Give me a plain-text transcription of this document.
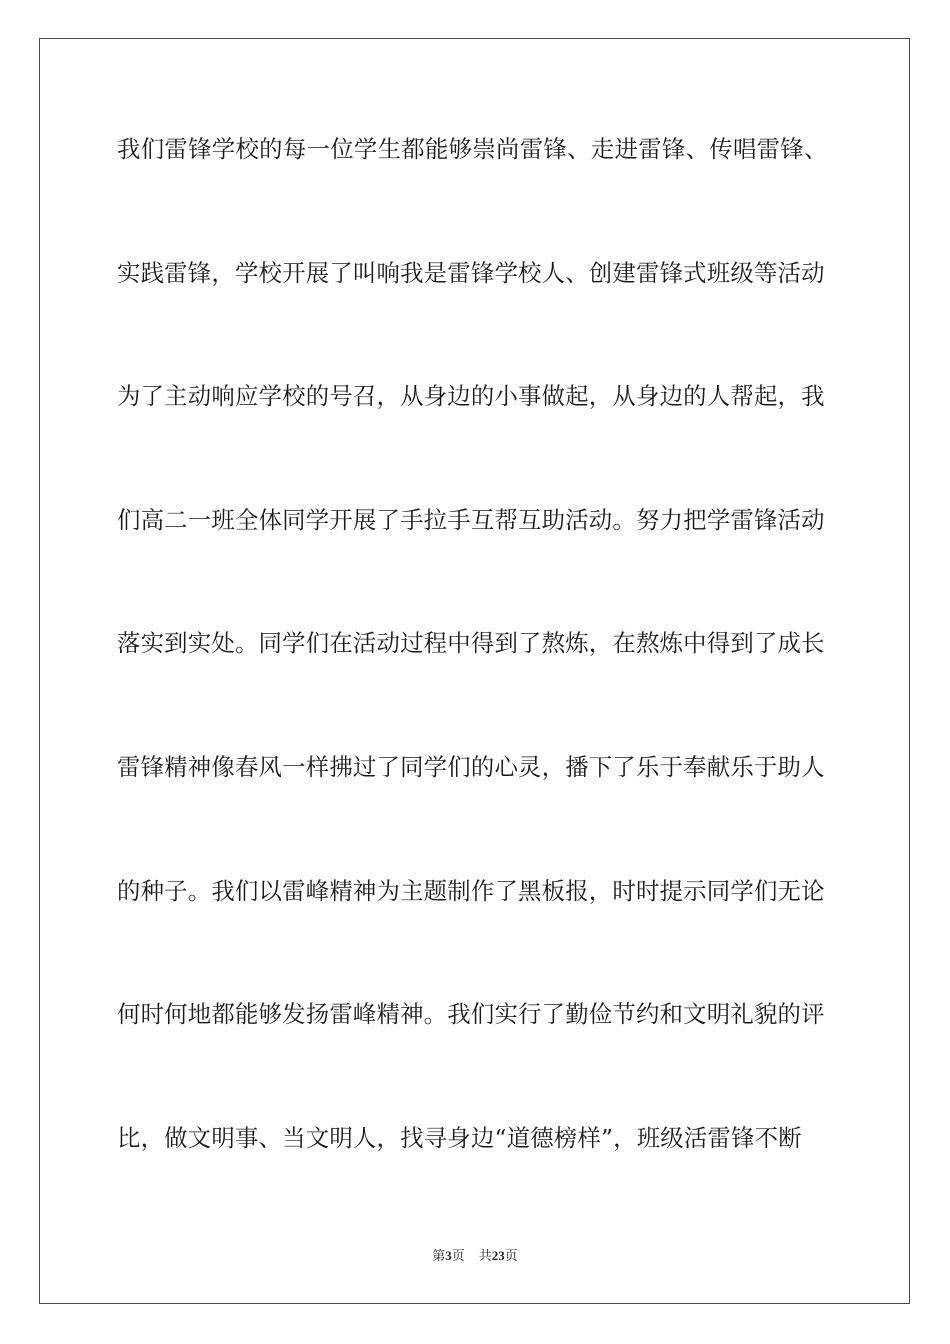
我们雷锋学校的每一位学生都能够崇尚雷锋、走进雷锋、传唱雷锋、
实践雷锋，学校开展了叫响我是雷锋学校人、创建雷锋式班级等活动
为了主动响应学校的号召，从身边的小事做起，从身边的人帮起，我
们高二一班全体同学开展了手拉手互帮互助活动。努力把学雷锋活动
落实到实处。同学们在活动过程中得到了熬炼，在熬炼中得到了成长
雷锋精神像春风一样拂过了同学们的心灵，播下了乐于奉献乐于助人
的种子。我们以雷峰精神为主题制作了黑板报，时时提示同学们无论
何时何地都能够发扬雷峰精神。我们实行了勤俭节约和文明礼貌的评
比，做文明事、当文明人，找寻身边“道德榜样”，班级活雷锋不断
第3页 共23页
